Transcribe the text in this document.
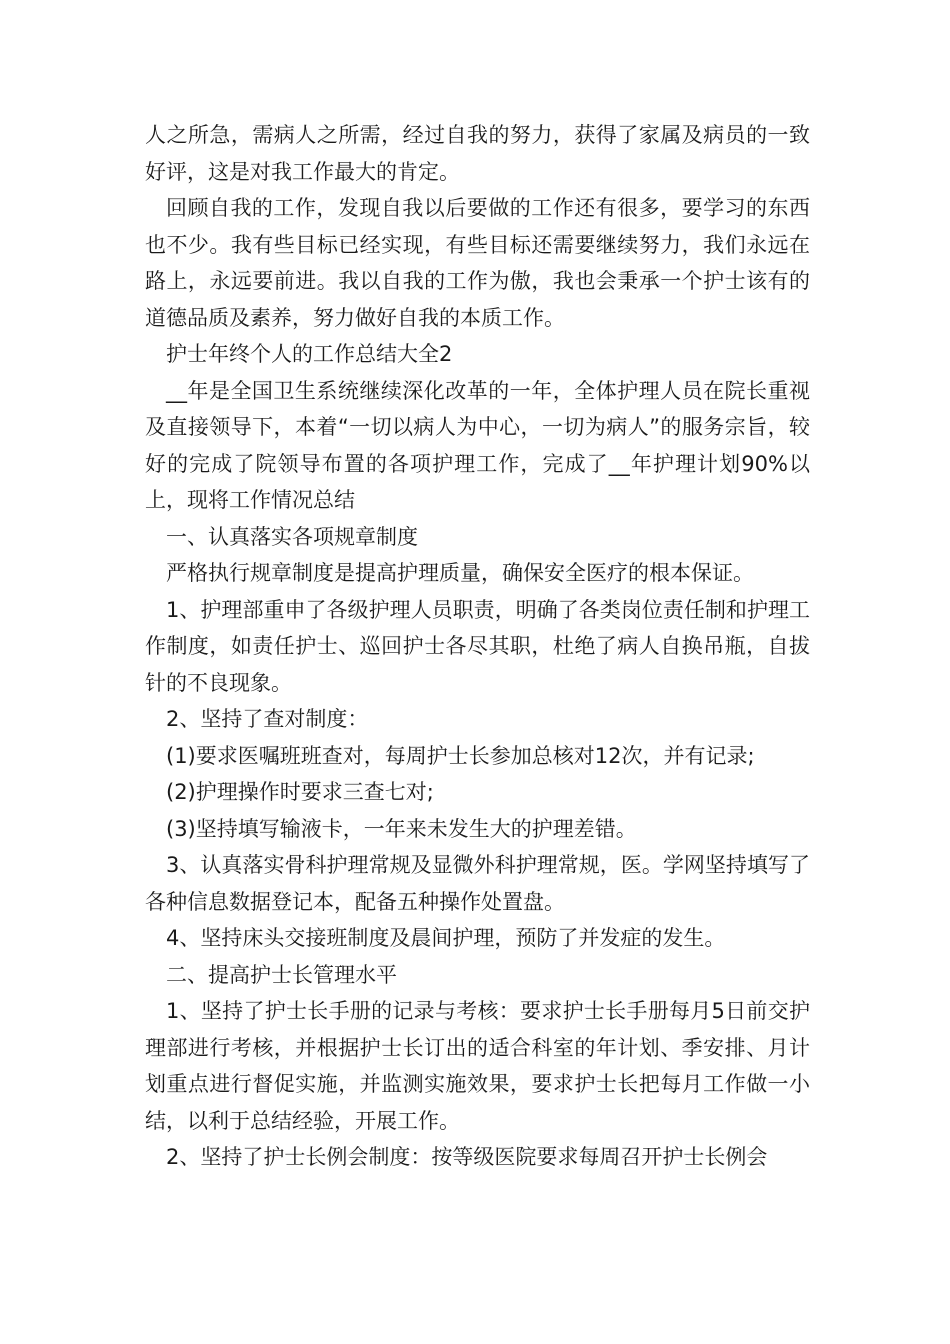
人之所急，需病人之所需，经过自我的努力，获得了家属及病员的一致好评，这是对我工作最大的肯定。

回顾自我的工作，发现自我以后要做的工作还有很多，要学习的东西也不少。我有些目标已经实现，有些目标还需要继续努力，我们永远在路上，永远要前进。我以自我的工作为傲，我也会秉承一个护士该有的道德品质及素养，努力做好自我的本质工作。

护士年终个人的工作总结大全2

__年是全国卫生系统继续深化改革的一年，全体护理人员在院长重视及直接领导下，本着“一切以病人为中心，一切为病人”的服务宗旨，较好的完成了院领导布置的各项护理工作，完成了__年护理计划90%以上，现将工作情况总结

一、认真落实各项规章制度

严格执行规章制度是提高护理质量，确保安全医疗的根本保证。

1、护理部重申了各级护理人员职责，明确了各类岗位责任制和护理工作制度，如责任护士、巡回护士各尽其职，杜绝了病人自换吊瓶，自拔针的不良现象。

2、坚持了查对制度：

(1)要求医嘱班班查对，每周护士长参加总核对12次，并有记录;

(2)护理操作时要求三查七对;

(3)坚持填写输液卡，一年来未发生大的护理差错。

3、认真落实骨科护理常规及显微外科护理常规，医。学网坚持填写了各种信息数据登记本，配备五种操作处置盘。

4、坚持床头交接班制度及晨间护理，预防了并发症的发生。

二、提高护士长管理水平

1、坚持了护士长手册的记录与考核：要求护士长手册每月5日前交护理部进行考核，并根据护士长订出的适合科室的年计划、季安排、月计划重点进行督促实施，并监测实施效果，要求护士长把每月工作做一小结，以利于总结经验，开展工作。

2、坚持了护士长例会制度：按等级医院要求每周召开护士长例会
